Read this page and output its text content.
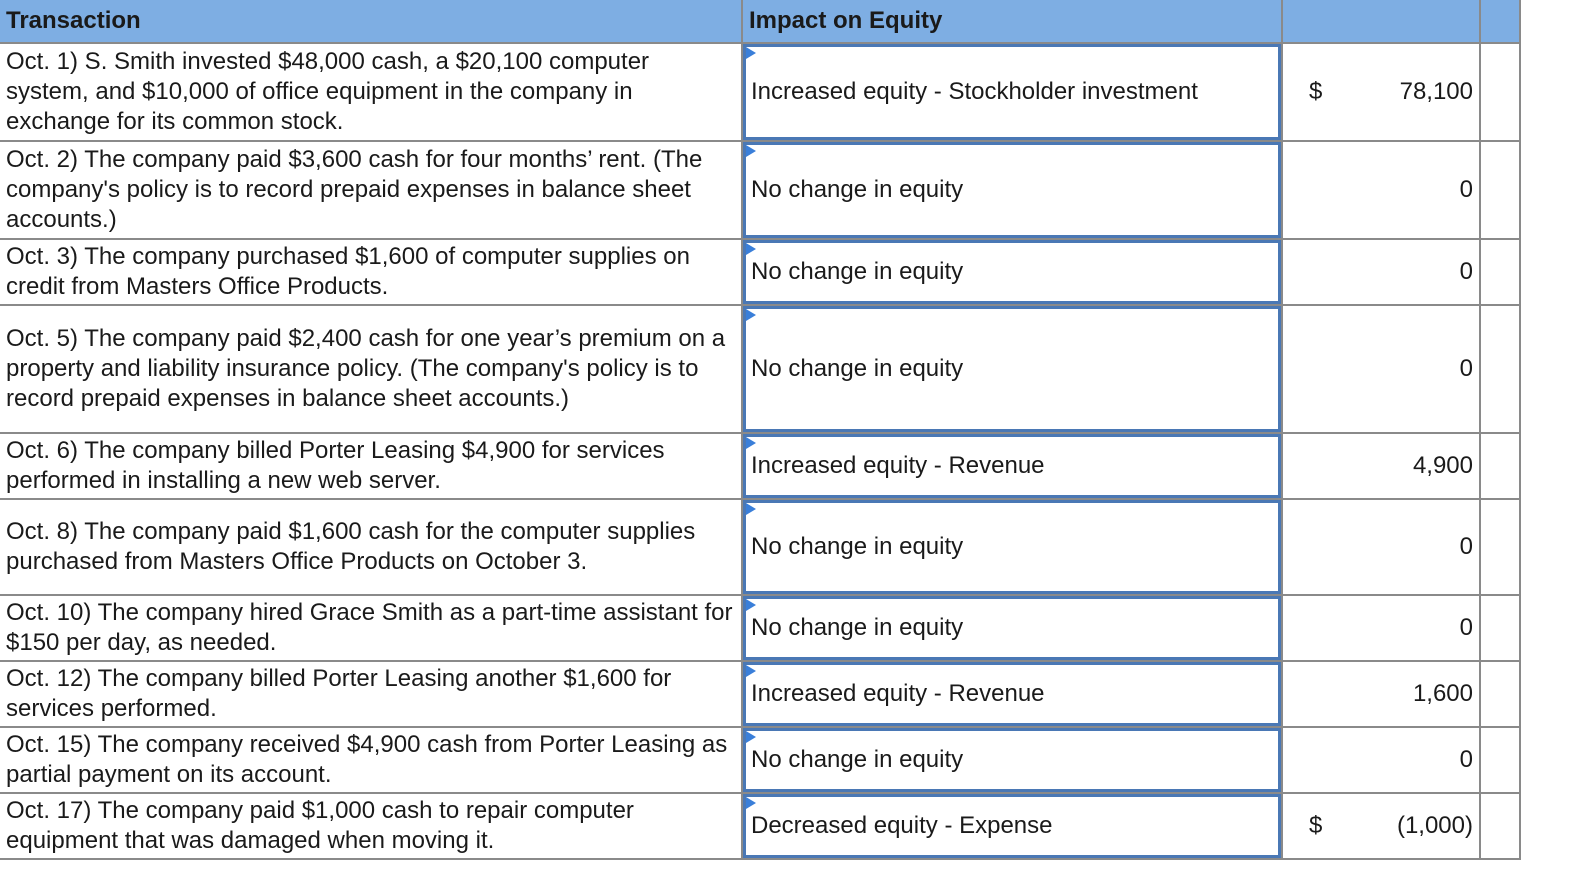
Transaction	Impact on Equity		

Oct. 1) S. Smith invested $48,000 cash, a $20,100 computer system, and $10,000 of office equipment in the company in exchange for its common stock.	Increased equity - Stockholder investment	$ 78,100	

Oct. 2) The company paid $3,600 cash for four months’ rent. (The company's policy is to record prepaid expenses in balance sheet accounts.)	No change in equity	0	

Oct. 3) The company purchased $1,600 of computer supplies on credit from Masters Office Products.	No change in equity	0	

Oct. 5) The company paid $2,400 cash for one year’s premium on a property and liability insurance policy. (The company's policy is to record prepaid expenses in balance sheet accounts.)	No change in equity	0	

Oct. 6) The company billed Porter Leasing $4,900 for services performed in installing a new web server.	Increased equity - Revenue	4,900	

Oct. 8) The company paid $1,600 cash for the computer supplies purchased from Masters Office Products on October 3.	No change in equity	0	

Oct. 10) The company hired Grace Smith as a part-time assistant for $150 per day, as needed.	No change in equity	0	

Oct. 12) The company billed Porter Leasing another $1,600 for services performed.	Increased equity - Revenue	1,600	

Oct. 15) The company received $4,900 cash from Porter Leasing as partial payment on its account.	No change in equity	0	

Oct. 17) The company paid $1,000 cash to repair computer equipment that was damaged when moving it.	Decreased equity - Expense	$ (1,000)	
